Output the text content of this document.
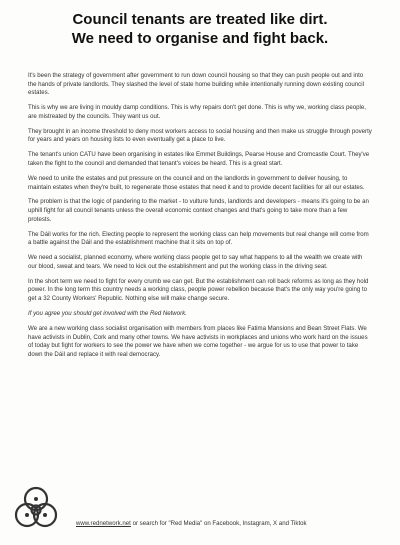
Council tenants are treated like dirt.
We need to organise and fight back.

It's been the strategy of government after government to run down council housing so that they can push people out and into the hands of private landlords. They slashed the level of state home building while intentionally running down existing council estates.

This is why we are living in mouldy damp conditions. This is why repairs don't get done. This is why we, working class people, are mistreated by the councils. They want us out.

They brought in an income threshold to deny most workers access to social housing and then make us struggle through poverty for years and years on housing lists to even eventually get a place to live.

The tenant's union CATU have been organising in estates like Emmet Buildings, Pearse House and Cromcastle Court. They've taken the fight to the council and demanded that tenant's voices be heard. This is a great start.

We need to unite the estates and put pressure on the council and on the landlords in government to deliver housing, to maintain estates when they're built, to regenerate those estates that need it and to provide decent facilities for all our estates.

The problem is that the logic of pandering to the market - to vulture funds, landlords and developers - means it's going to be an uphill fight for all council tenants unless the overall economic context changes and that's going to take more than a few protests.

The Dáil works for the rich. Electing people to represent the working class can help movements but real change will come from a battle against the Dáil and the establishment machine that it sits on top of.

We need a socialist, planned economy, where working class people get to say what happens to all the wealth we create with our blood, sweat and tears. We need to kick out the establishment and put the working class in the driving seat.

In the short term we need to fight for every crumb we can get. But the establishment can roll back reforms as long as they hold power. In the long term this country needs a working class, people power rebellion because that's the only way you're going to get a 32 County Workers' Republic. Nothing else will make change secure.

If you agree you should get involved with the Red Network.

We are a new working class socialist organisation with members from places like Fatima Mansions and Bean Street Flats. We have activists in Dublin, Cork and many other towns. We have activists in workplaces and unions who work hard on the issues of today but fight for workers to see the power we have when we come together - we argue for us to use that power to take down the Dáil and replace it with real democracy.

www.rednetwork.net or search for "Red Media" on Facebook, Instagram, X and Tiktok
